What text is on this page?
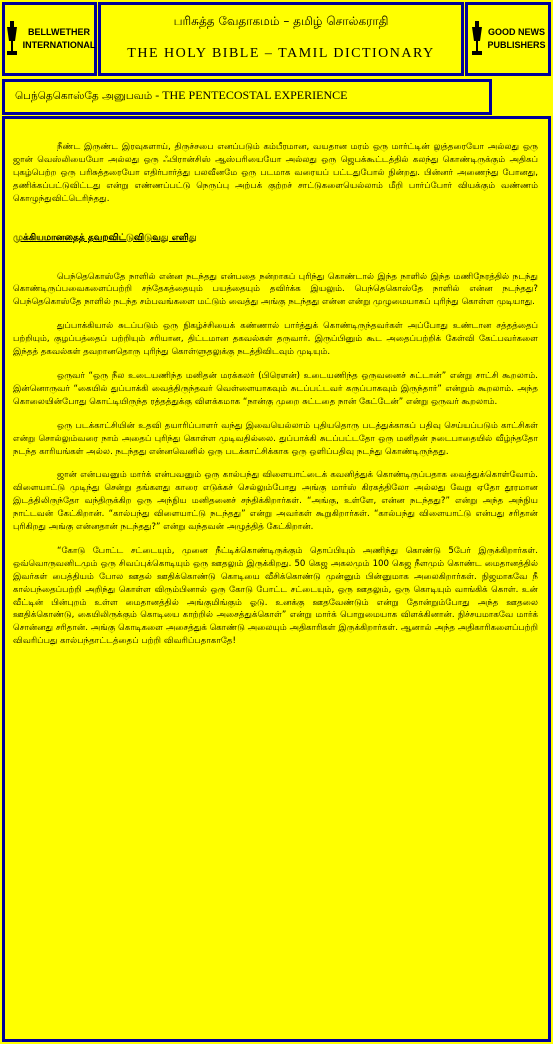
BELLWETHER
INTERNATIONAL
பரிசுத்த வேதாகமம் – தமிழ் சொல்கராதி
THE HOLY BIBLE – TAMIL DICTIONARY
GOOD NEWS
PUBLISHERS
பெந்தெகொஸ்தே அனுபவம் - THE PENTECOSTAL EXPERIENCE

நீண்ட இருண்ட இரவுகளாய், திருச்சபை எனப்படும் கம்பீரமான, வயதான மரம் ஒரு மார்ட்டின் லுத்தரையோ அல்லது ஒரு ஜான் வெஸ்லியையோ அல்லது ஒரு ஃபிரான்சிஸ் ஆஸ்பரியையோ அல்லது ஒரு ஜெபக்கூட்டத்தில் கலந்து கொண்டிருக்கும் அதிகப் புகழ்பெற்ற ஒரு பரிசுத்தரையோ எதிர்பார்த்து பலவீனமே ஒரு படமாக வரையப் பட்டதுபோல் நின்றது. பின்னர் அணைந்து போனது, தணிக்கப்பட்டுவிட்டது என்று எண்ணப்பட்டு நெருப்பு அற்பக் குற்றச் சாட்டுகளையெல்லாம் மீறி பார்ப்போர் வியக்கும் வண்ணம் கொழுந்துவிட்டெரிந்தது.

முக்கியமானதைத் தவறவிட்டுவிடுவது எளிது

பெந்தெகொஸ்தே நாளில் என்ன நடந்தது என்பதை நன்றாகப் புரிந்து கொண்டால் இந்த நாளில் இந்த மணிநேரத்தில் நடந்து கொண்டிருப்பவைகளைப்பற்றி சந்தேகத்தையும் பயத்தையும் தவிர்க்க இயலும். பெந்தெகொஸ்தே நாளில் என்ன நடந்தது? பெந்தெகொஸ்தே நாளில் நடந்த சம்பவங்களை மட்டும் வைத்து அங்கு நடந்தது என்ன என்று முழுமையாகப் புரிந்து கொள்ள முடியாது.

துப்பாக்கியால் சுடப்படும் ஒரு நிகழ்ச்சியைக் கண்ணால் பார்த்துக் கொண்டிருந்தவர்கள் அப்போது உண்டான சத்தத்தைப் பற்றியும், குழப்பத்தைப் பற்றியும் சரியான, திட்டமான தகவல்கள் தருவார். இருப்பினும் கூட அதைப்பற்றிக் கேள்வி கேட்பவர்களை இந்தத் தகவல்கள் தவறானதொரு புரிந்து கொள்ளுதலுக்கு நடத்திவிடவும் முடியும்.

ஒருவர் “ஒரு நீல உடையணிந்த மனிதன் மரக்கலர் (பிரௌன்) உடையணிந்த ஒருவனைச் சுட்டான்” என்று சாட்சி கூறலாம். இன்னொருவர் “கையில் துப்பாக்கி வைத்திருந்தவர் வெள்ளையாகவும் சுடப்பட்டவர் கருப்பாகவும் இருந்தார்” என்றும் கூறலாம். அந்த கொலையின்போது கொட்டியிருந்த ரத்தத்துக்கு விளக்கமாக “நான்கு முறை சுட்டதை நான் கேட்டேன்” என்று ஒருவர் கூறலாம்.

ஒரு படக்காட்சியின் உதவி தயாரிப்பாளர் வந்து இவையெல்லாம் புதியதொரு படத்துக்காகப் பதிவு செய்யப்படும் காட்சிகள் என்று சொல்லும்வரை நாம் அதைப் புரிந்து கொள்ள முடிவதில்லை. துப்பாக்கி சுடப்பட்டதோ ஒரு மனிதன் நடைபாதையில் வீழ்ந்ததோ நடந்த காரியங்கள் அல்ல. நடந்தது என்னவெனில் ஒரு படக்காட்சிக்காக ஒரு ஒளிப்பதிவு நடந்து கொண்டிருந்தது.

ஜான் என்பவனும் மார்க் என்பவனும் ஒரு கால்பந்து விளையாட்டைக் கவனித்துக் கொண்டிருப்பதாக வைத்துக்கொள்வோம். விளையாட்டு முடிந்து சென்று தங்களது காரை எடுக்கச் செல்லும்போது அங்கு மார்ஸ் கிரகத்திலோ அல்லது வேறு ஏதோ தூரமான இடத்திலிருந்தோ வந்திருக்கிற ஒரு அந்நிய மனிதனைச் சந்திக்கிறார்கள். “அங்கு, உள்ளே, என்ன நடந்தது?” என்று அந்த அந்நிய நாட்டவன் கேட்கிறான். “கால்பந்து விளையாட்டு நடந்தது” என்று அவர்கள் கூறுகிறார்கள். “கால்பந்து விளையாட்டு என்பது சரிதான் புரிகிறது அங்கு என்னதான் நடந்தது?” என்று வந்தவன் அழுத்தித் கேட்கிறான்.

“கோடு போட்ட சட்டையும், முனை நீட்டிக்கொண்டிருக்கும் தொப்பியும் அணிந்து கொண்டு 5பேர் இருக்கிறார்கள். ஒவ்வொருவனிடமும் ஒரு சிவப்புக்கொடியும் ஒரு ஊதலும் இருக்கிறது. 50 கெஜ அகலமும் 100 கெஜ நீளமும் கொண்ட மைதானத்தில் இவர்கள் பைத்தியம் போல ஊதல் ஊதிக்கொண்டு கொடியை வீசிக்கொண்டு முன்னும் பின்னுமாக அலைகிறார்கள். நிஜமாகவே நீ கால்பந்தைப்பற்றி அறிந்து கொள்ள விரும்பினால் ஒரு கோடு போட்ட சட்டையும், ஒரு ஊதலும், ஒரு கொடியும் வாங்கிக் கொள். உன் வீட்டின் பின்புறம் உள்ள மைதானத்தில் அங்குமிங்கும் ஓடு. உனக்கு ஊதவேண்டும் என்று தோன்றும்போது அந்த ஊதலை ஊதிக்கொண்டு, கையிலிருக்கும் கொடியை காற்றில் அசைத்துக்கொள்” என்று மார்க் பொறுமையாக விளக்கினான். நிச்சயமாகவே மார்க் சொன்னது சரிதான். அங்கு கொடிகளை அசைத்துக் கொண்டு அலையும் அதிகாரிகள் இருக்கிறார்கள். ஆனால் அந்த அதிகாரிகளைப்பற்றி விவரிப்பது கால்பந்தாட்டத்தைப் பற்றி விவரிப்பதாகாதே!
